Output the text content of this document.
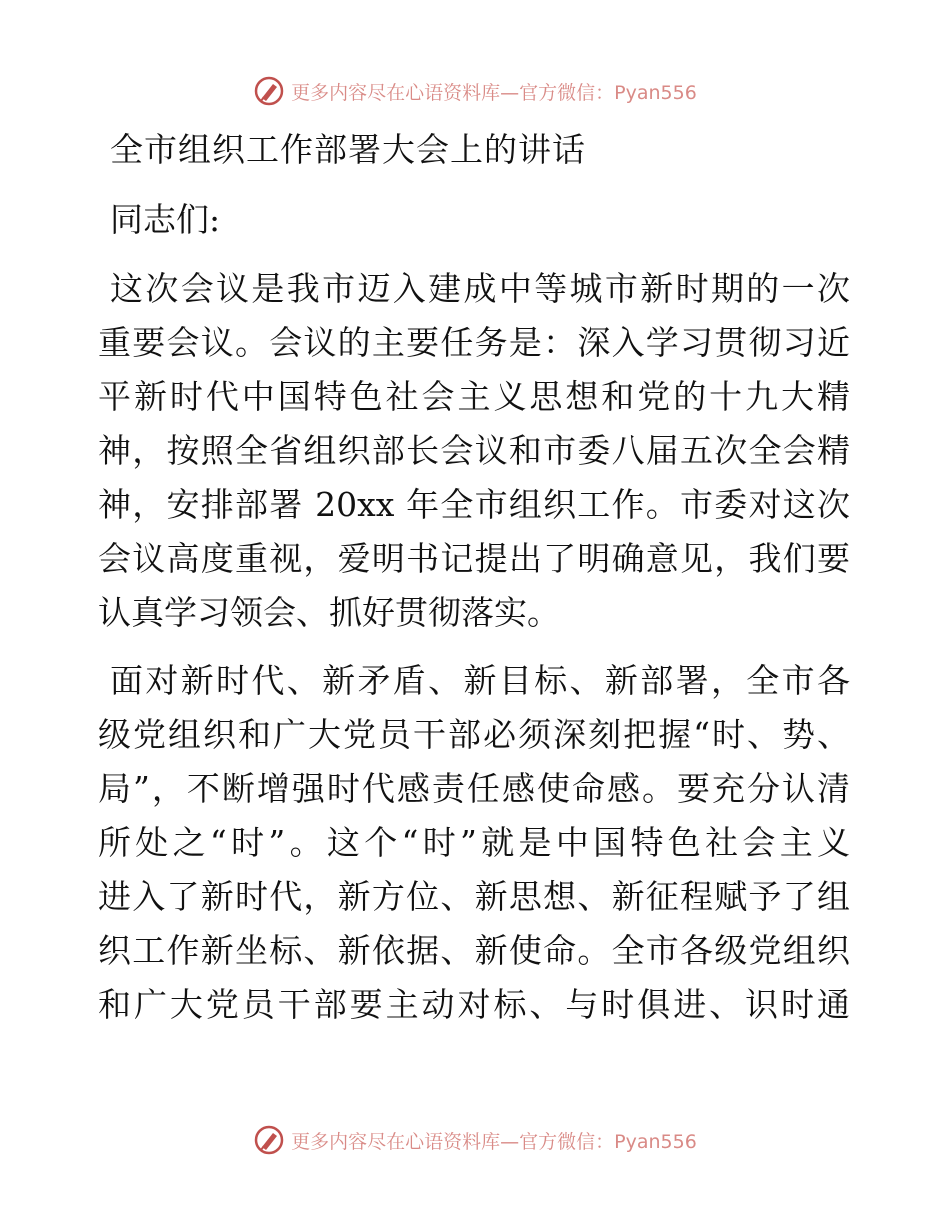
更多内容尽在心语资料库—官方微信：Pyan556
全市组织工作部署大会上的讲话
同志们:
这次会议是我市迈入建成中等城市新时期的一次
重要会议。会议的主要任务是：深入学习贯彻习近
平新时代中国特色社会主义思想和党的十九大精
神，按照全省组织部长会议和市委八届五次全会精
神，安排部署 20xx 年全市组织工作。市委对这次
会议高度重视，爱明书记提出了明确意见，我们要
认真学习领会、抓好贯彻落实。
面对新时代、新矛盾、新目标、新部署，全市各
级党组织和广大党员干部必须深刻把握“时、势、
局”，不断增强时代感责任感使命感。要充分认清
所处之“时”。这个“时”就是中国特色社会主义
进入了新时代，新方位、新思想、新征程赋予了组
织工作新坐标、新依据、新使命。全市各级党组织
和广大党员干部要主动对标、与时俱进、识时通
更多内容尽在心语资料库—官方微信：Pyan556
